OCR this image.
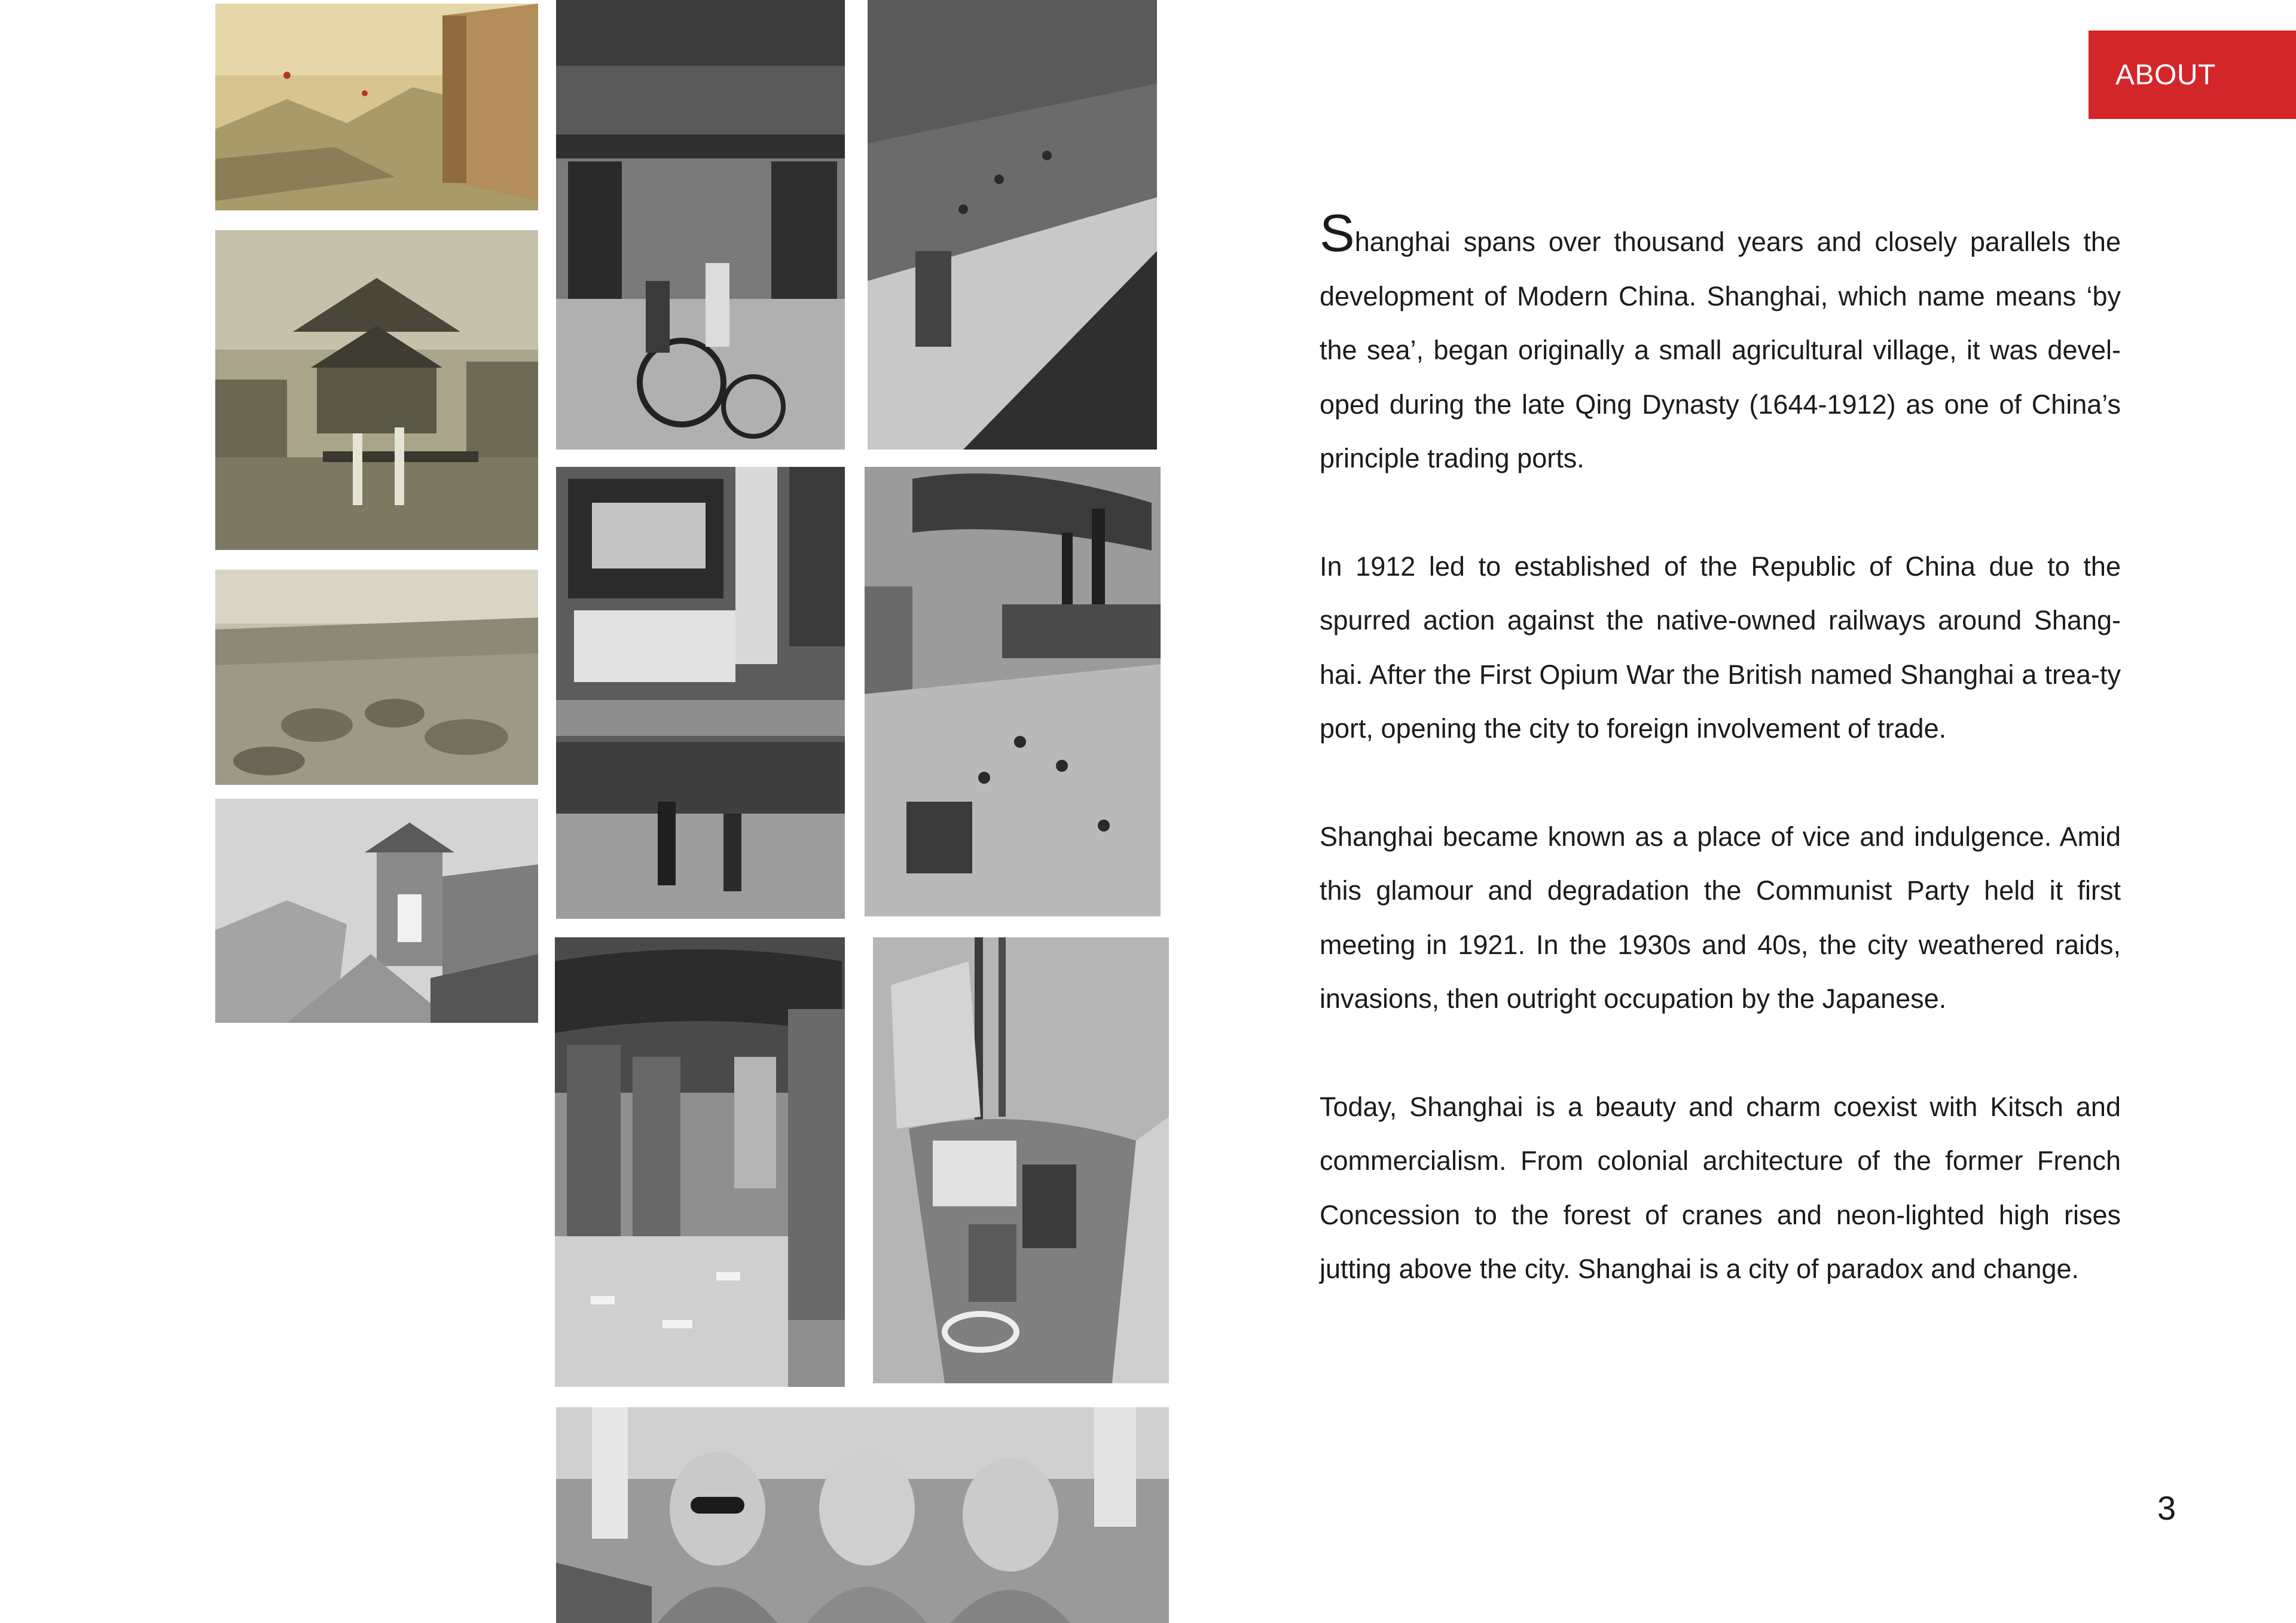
ABOUT

Shanghai spans over thousand years and closely parallels the development of Modern China. Shanghai, which name means ‘by the sea’, began originally a small agricultural village, it was devel-oped during the late Qing Dynasty (1644-1912) as one of China’s principle trading ports.

In 1912 led to established of the Republic of China due to the spurred action against the native-owned railways around Shang-hai. After the First Opium War the British named Shanghai a trea-ty port, opening the city to foreign involvement of trade.

Shanghai became known as a place of vice and indulgence. Amid this glamour and degradation the Communist Party held it first meeting in 1921. In the 1930s and 40s, the city weathered raids, invasions, then outright occupation by the Japanese.

Today, Shanghai is a beauty and charm coexist with Kitsch and commercialism. From colonial architecture of the former French Concession to the forest of cranes and neon-lighted high rises jutting above the city. Shanghai is a city of paradox and change.

3
